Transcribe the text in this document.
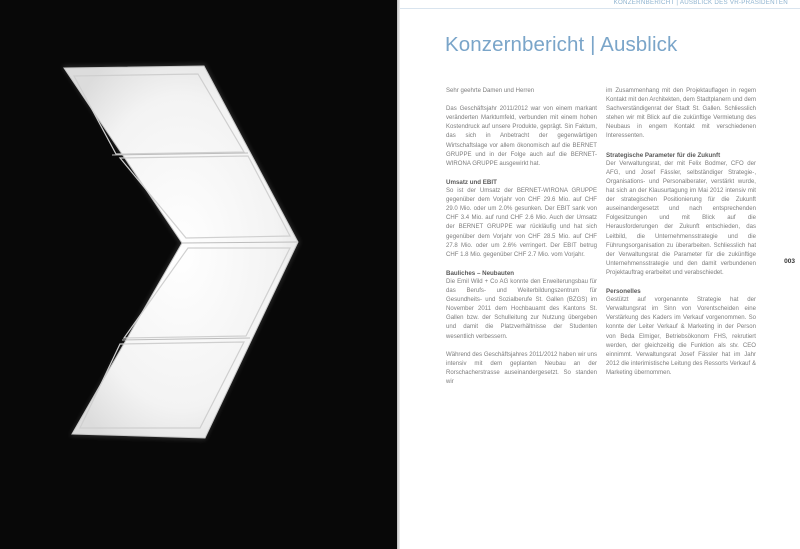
KONZERNBERICHT | AUSBLICK DES VR-PRÄSIDENTEN
Konzernbericht | Ausblick

Sehr geehrte Damen und Herren

Das Geschäftsjahr 2011/2012 war von einem markant veränderten Marktumfeld, verbunden mit einem hohen Kostendruck auf unsere Produkte, geprägt. Sin Faktum, das sich in Anbetracht der gegenwärtigen Wirtschaftslage vor allem ökonomisch auf die BERNET GRUPPE und in der Folge auch auf die BERNET-WIRONA GRUPPE ausgewirkt hat.

Umsatz und EBIT

So ist der Umsatz der BERNET-WIRONA GRUPPE gegenüber dem Vorjahr von CHF 29.6 Mio. auf CHF 29.0 Mio. oder um 2.0% gesunken. Der EBIT sank von CHF 3.4 Mio. auf rund CHF 2.6 Mio. Auch der Umsatz der BERNET GRUPPE war rückläufig und hat sich gegenüber dem Vorjahr von CHF 28.5 Mio. auf CHF 27.8 Mio. oder um 2.6% verringert. Der EBIT betrug CHF 1.8 Mio. gegenüber CHF 2.7 Mio. vom Vorjahr.

Bauliches – Neubauten

Die Emil Wild + Co AG konnte den Erweiterungsbau für das Berufs- und Weiterbildungszentrum für Gesundheits- und Sozialberufe St. Gallen (BZGS) im November 2011 dem Hochbauamt des Kantons St. Gallen bzw. der Schulleitung zur Nutzung übergeben und damit die Platzverhältnisse der Studenten wesentlich verbessern.

Während des Geschäftsjahres 2011/2012 haben wir uns intensiv mit dem geplanten Neubau an der Rorschacherstrasse auseinandergesetzt. So standen wir

im Zusammenhang mit den Projektauflagen in regem Kontakt mit den Architekten, dem Stadtplanern und dem Sachverständigenrat der Stadt St. Gallen. Schliesslich stehen wir mit Blick auf die zukünftige Vermietung des Neubaus in engem Kontakt mit verschiedenen Interessenten.

Strategische Parameter für die Zukunft

Der Verwaltungsrat, der mit Felix Bodmer, CFO der AFG, und Josef Fässler, selbständiger Strategie-, Organisations- und Personalberater, verstärkt wurde, hat sich an der Klausurtagung im Mai 2012 intensiv mit der strategischen Positionierung für die Zukunft auseinandergesetzt und nach entsprechenden Folgesitzungen und mit Blick auf die Herausforderungen der Zukunft entschieden, das Leitbild, die Unternehmensstrategie und die Führungsorganisation zu überarbeiten. Schliesslich hat der Verwaltungsrat die Parameter für die zukünftige Unternehmensstrategie und den damit verbundenen Projektauftrag erarbeitet und verabschiedet.

Personelles

Gestützt auf vorgenannte Strategie hat der Verwaltungsrat im Sinn von Vorentscheiden eine Verstärkung des Kaders im Verkauf vorgenommen. So konnte der Leiter Verkauf & Marketing in der Person von Beda Elmiger, Betriebsökonom FHS, rekrutiert werden, der gleichzeitig die Funktion als stv. CEO einnimmt. Verwaltungsrat Josef Fässler hat im Jahr 2012 die interimistische Leitung des Ressorts Verkauf & Marketing übernommen.

003
